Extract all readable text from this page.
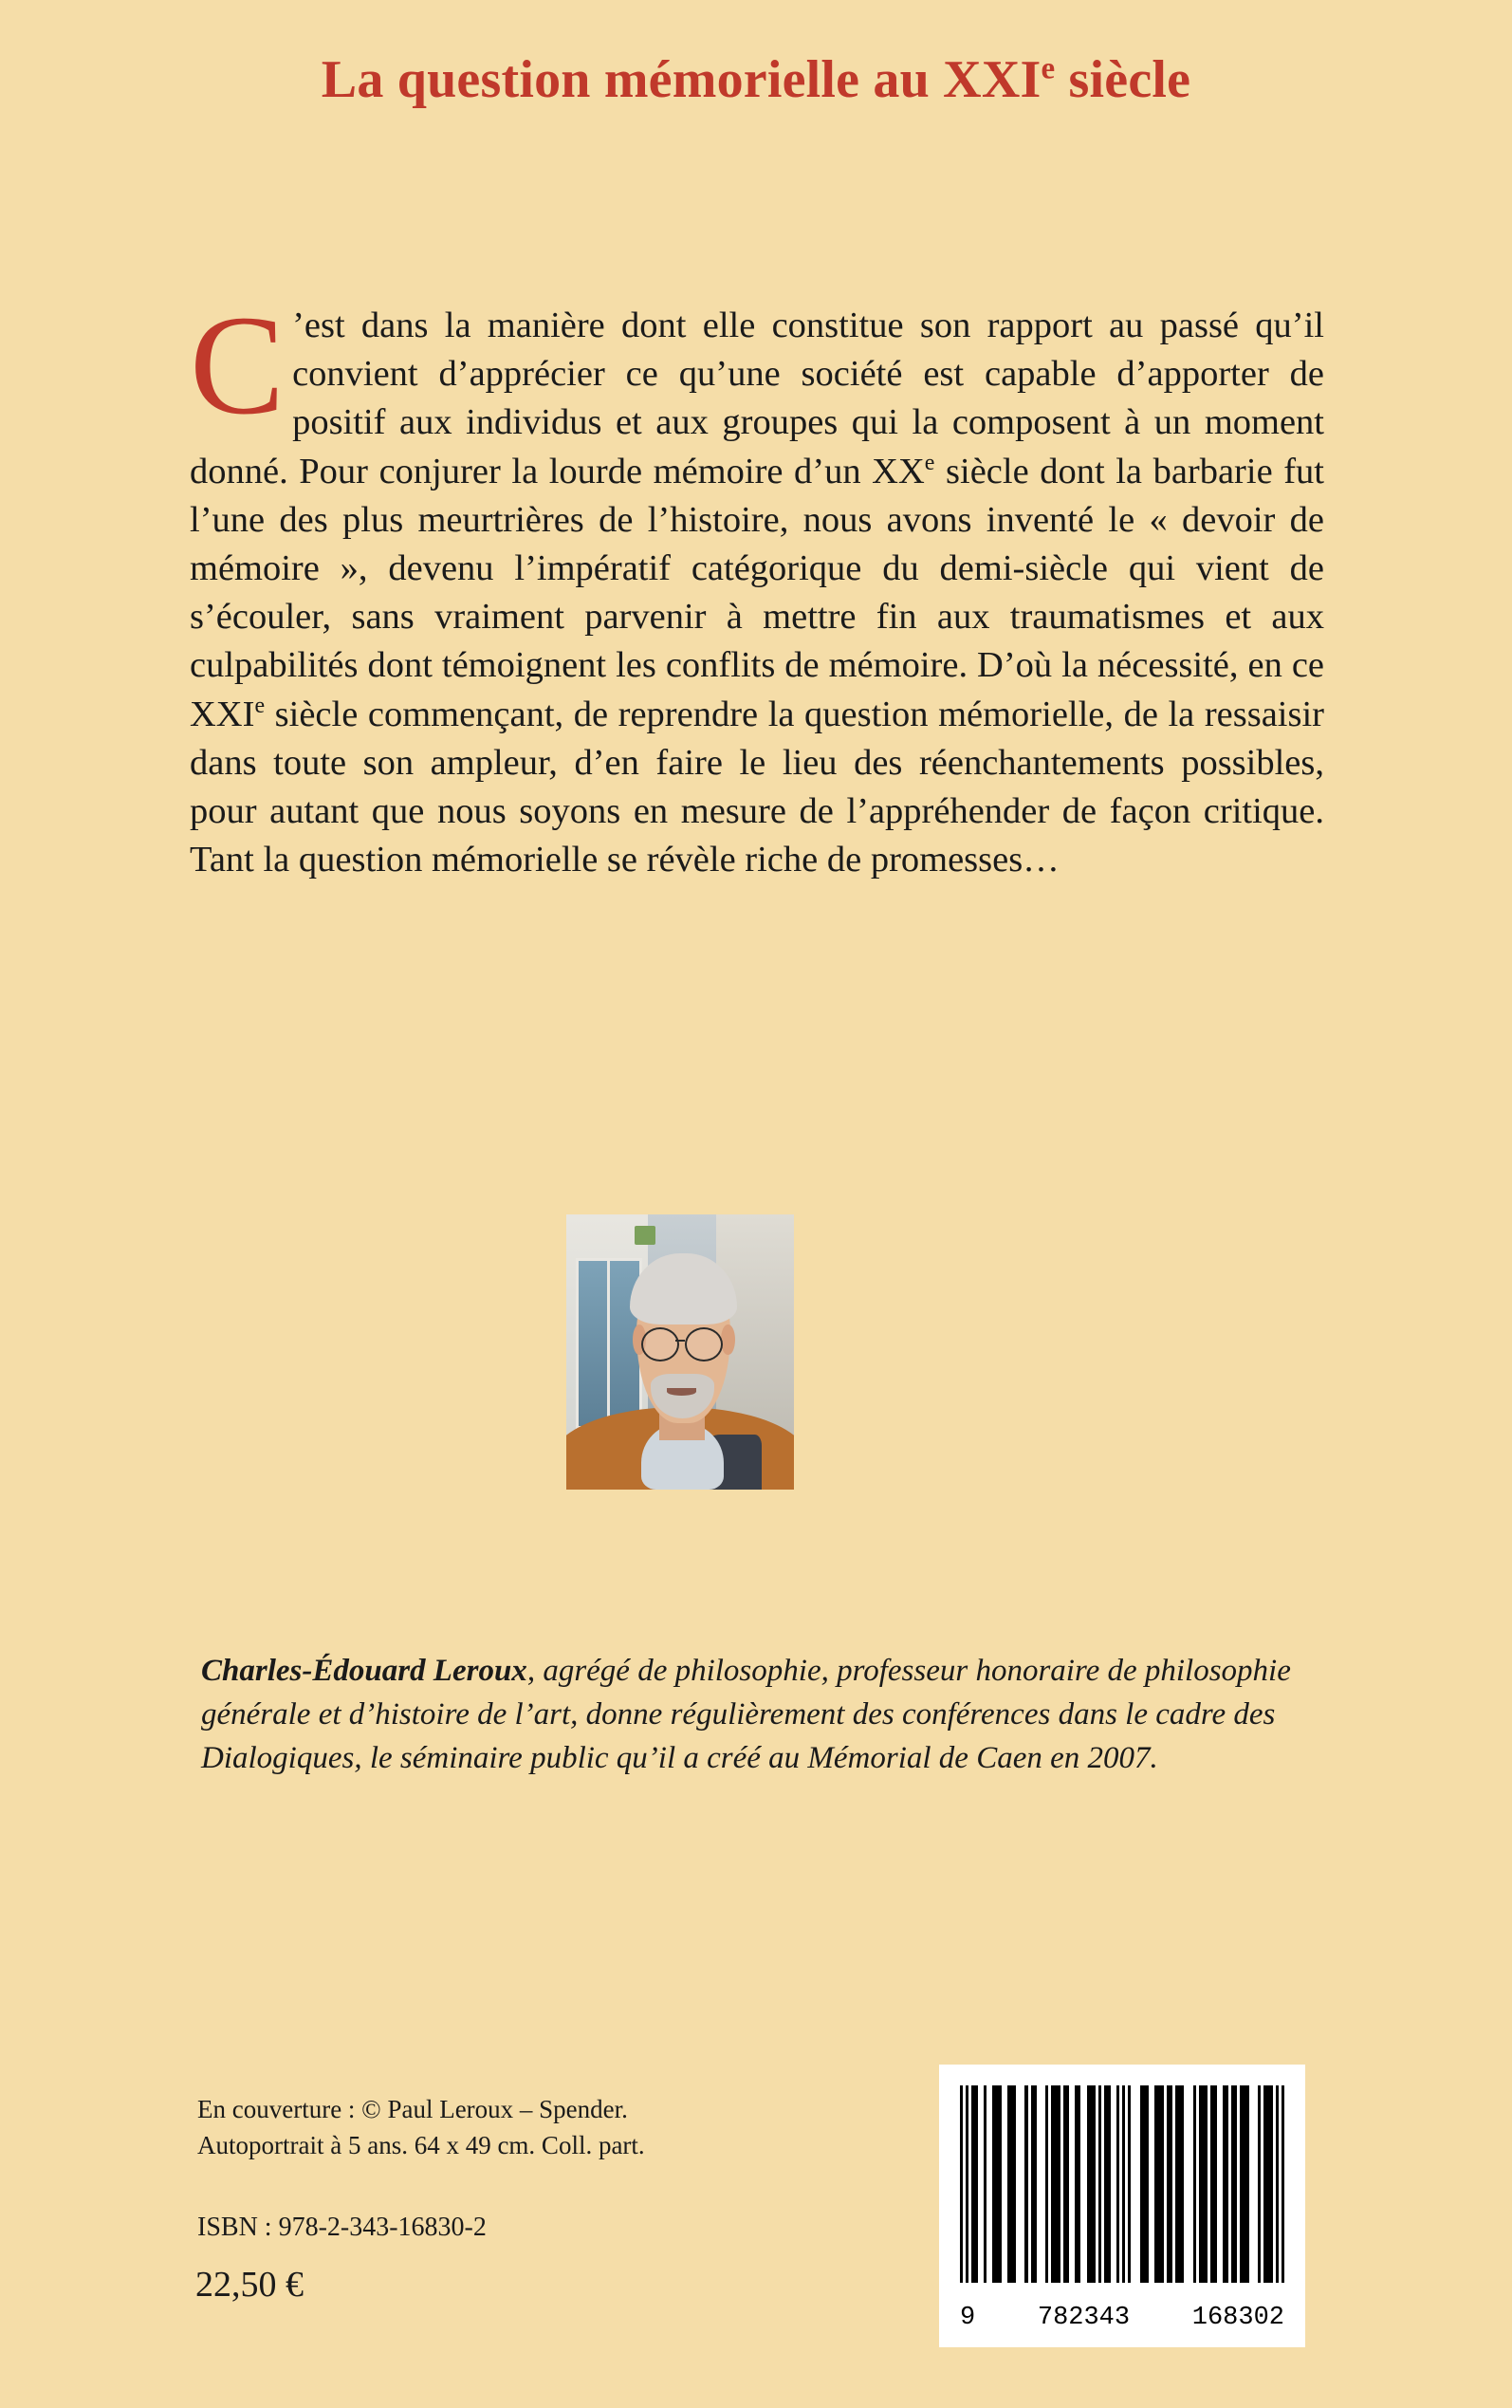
La question mémorielle au XXIe siècle
C ’est dans la manière dont elle constitue son rapport au passé qu’il convient d’apprécier ce qu’une société est capable d’apporter de positif aux individus et aux groupes qui la composent à un moment donné. Pour conjurer la lourde mémoire d’un XXe siècle dont la barbarie fut l’une des plus meurtrières de l’histoire, nous avons inventé le « devoir de mémoire », devenu l’impératif catégorique du demi-siècle qui vient de s’écouler, sans vraiment parvenir à mettre fin aux traumatismes et aux culpabilités dont témoignent les conflits de mémoire. D’où la nécessité, en ce XXIe siècle commençant, de reprendre la question mémorielle, de la ressaisir dans toute son ampleur, d’en faire le lieu des réenchantements possibles, pour autant que nous soyons en mesure de l’appréhender de façon critique. Tant la question mémorielle se révèle riche de promesses…
Charles-Édouard Leroux, agrégé de philosophie, professeur honoraire de philosophie générale et d’histoire de l’art, donne régulièrement des conférences dans le cadre des Dialogiques, le séminaire public qu’il a créé au Mémorial de Caen en 2007.
En couverture : © Paul Leroux – Spender.
Autoportrait à 5 ans. 64 x 49 cm. Coll. part.
ISBN : 978-2-343-16830-2
22,50 €
9 782343 168302
